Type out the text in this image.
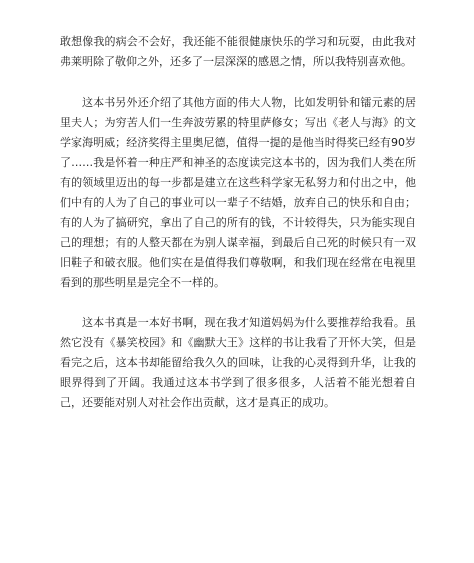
敢想像我的病会不会好，我还能不能很健康快乐的学习和玩耍，由此我对弗莱明除了敬仰之外，还多了一层深深的感恩之情，所以我特别喜欢他。

这本书另外还介绍了其他方面的伟大人物，比如发明钋和镭元素的居里夫人；为穷苦人们一生奔波劳累的特里萨修女；写出《老人与海》的文学家海明威；经济奖得主里奥尼德，值得一提的是他当时得奖已经有90岁了……我是怀着一种庄严和神圣的态度读完这本书的，因为我们人类在所有的领域里迈出的每一步都是建立在这些科学家无私努力和付出之中，他们中有的人为了自己的事业可以一辈子不结婚，放弃自己的快乐和自由；有的人为了搞研究，拿出了自己的所有的钱，不计较得失，只为能实现自己的理想；有的人整天都在为别人谋幸福，到最后自己死的时候只有一双旧鞋子和破衣服。他们实在是值得我们尊敬啊，和我们现在经常在电视里看到的那些明星是完全不一样的。

这本书真是一本好书啊，现在我才知道妈妈为什么要推荐给我看。虽然它没有《暴笑校园》和《幽默大王》这样的书让我看了开怀大笑，但是看完之后，这本书却能留给我久久的回味，让我的心灵得到升华，让我的眼界得到了开阔。我通过这本书学到了很多很多，人活着不能光想着自己，还要能对别人对社会作出贡献，这才是真正的成功。
